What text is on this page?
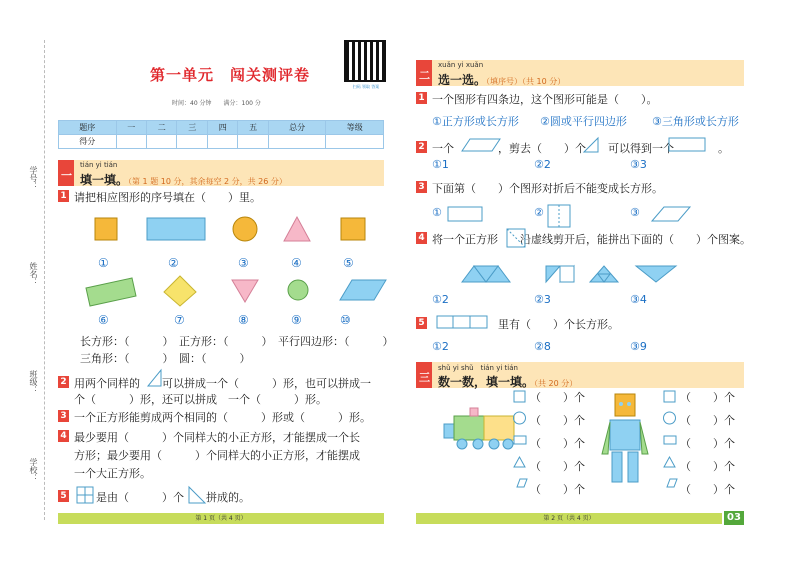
学号：
姓名：
班级：
学校：
扫码 领取 答案
第一单元　闯关测评卷
时间：40 分钟　　满分：100 分
题序	一	二	三	四	五	总分	等级
得分							
tián yi tián
填一填。（第 1 题 10 分，其余每空 2 分，共 26 分）
1 请把相应图形的序号填在（　　）里。
①	②	③	④	⑤
⑥	⑦	⑧	⑨	⑩
长方形：（　　　）　正方形：（　　　）　平行四边形：（　　　）
三角形：（　　　）　圆：（　　　）
2 用两个同样的　　可以拼成一个（　　　）形，也可以拼成一
个（　　　）形，还可以拼成　一个（　　　）形。
3 一个正方形能剪成两个相同的（　　　）形或（　　　）形。
4 最少要用（　　　）个同样大的小正方形，才能摆成一个长
方形；最少要用（　　　）个同样大的小正方形，才能摆成
一个大正方形。
5 　　是由（　　　）个　　拼成的。
第 1 页（共 4 页）
xuǎn yi xuǎn
选一选。（填序号）（共 10 分）
1 一个图形有四条边，这个图形可能是（　　）。
①正方形或长方形 ②圆或平行四边形 ③三角形或长方形
2 一个　　　　，剪去（　　）个　　可以得到一个　　　　。
①1	②2	③3
3 下面第（　　）个图形对折后不能变成长方形。
①	②	③
4 将一个正方形　　沿虚线剪开后，能拼出下面的（　　）个图案。
①2	②3	③4
5 　　　　　　里有（　　）个长方形。
①2	②8	③9
shǔ yi shǔ　tián yi tián
数一数，填一填。（共 20 分）
（　　）个
（　　）个
（　　）个
（　　）个
（　　）个
（　　）个
（　　）个
（　　）个
（　　）个
（　　）个
第 2 页（共 4 页）	03
一
二
三
